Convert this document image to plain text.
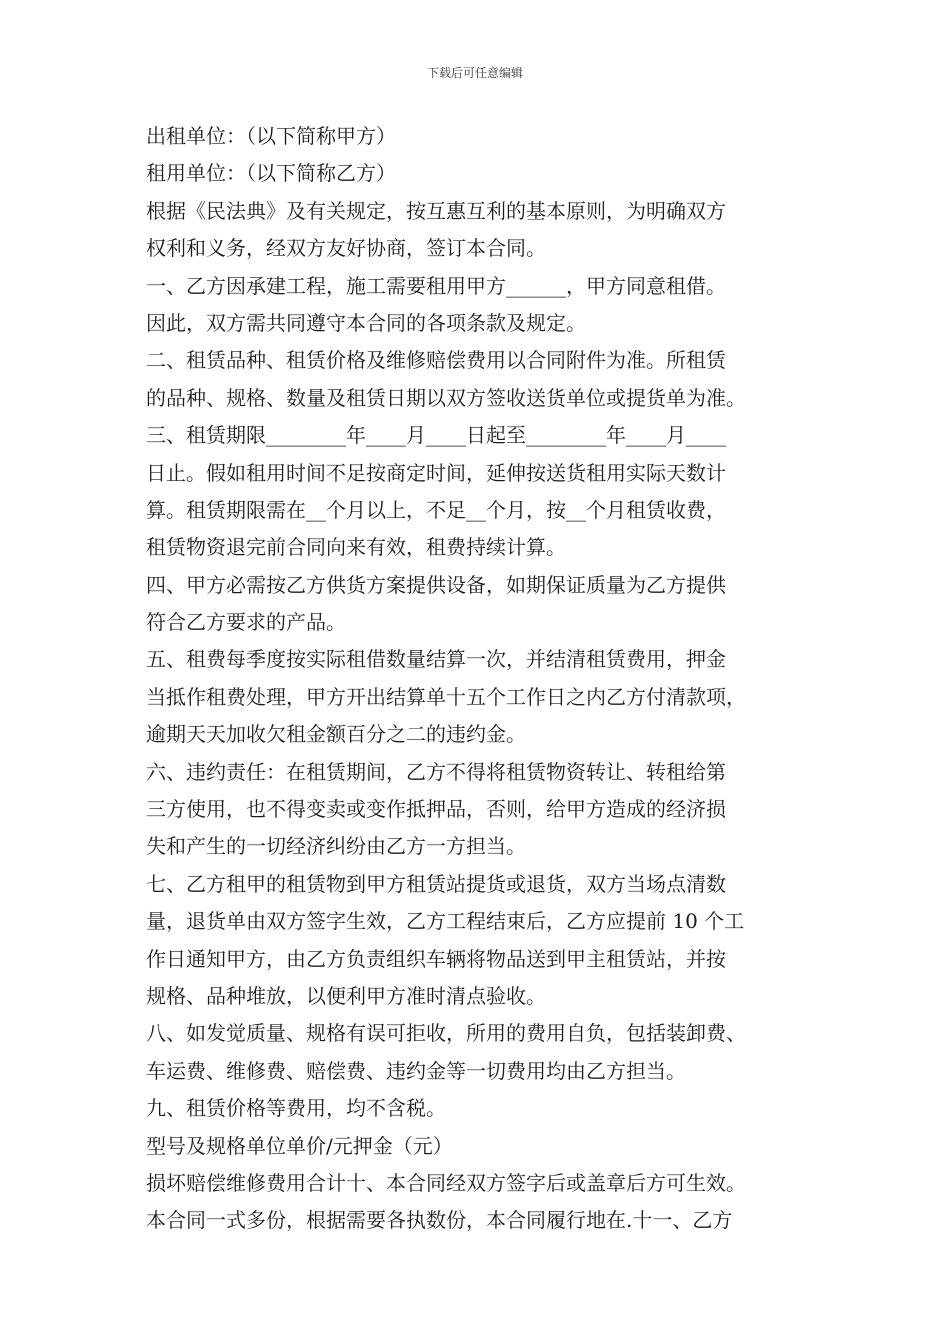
下载后可任意编辑
出租单位：（以下简称甲方）
租用单位：（以下简称乙方）
根据《民法典》及有关规定，按互惠互利的基本原则，为明确双方
权利和义务，经双方友好协商，签订本合同。
一、乙方因承建工程，施工需要租用甲方______，甲方同意租借。
因此，双方需共同遵守本合同的各项条款及规定。
二、租赁品种、租赁价格及维修赔偿费用以合同附件为准。所租赁
的品种、规格、数量及租赁日期以双方签收送货单位或提货单为准。
三、租赁期限________年____月____日起至________年____月____
日止。假如租用时间不足按商定时间，延伸按送货租用实际天数计
算。租赁期限需在__个月以上，不足__个月，按__个月租赁收费，
租赁物资退完前合同向来有效，租费持续计算。
四、甲方必需按乙方供货方案提供设备，如期保证质量为乙方提供
符合乙方要求的产品。
五、租费每季度按实际租借数量结算一次，并结清租赁费用，押金
当抵作租费处理，甲方开出结算单十五个工作日之内乙方付清款项，
逾期天天加收欠租金额百分之二的违约金。
六、违约责任：在租赁期间，乙方不得将租赁物资转让、转租给第
三方使用，也不得变卖或变作抵押品，否则，给甲方造成的经济损
失和产生的一切经济纠纷由乙方一方担当。
七、乙方租甲的租赁物到甲方租赁站提货或退货，双方当场点清数
量，退货单由双方签字生效，乙方工程结束后，乙方应提前 10 个工
作日通知甲方，由乙方负责组织车辆将物品送到甲主租赁站，并按
规格、品种堆放，以便利甲方准时清点验收。
八、如发觉质量、规格有误可拒收，所用的费用自负，包括装卸费、
车运费、维修费、赔偿费、违约金等一切费用均由乙方担当。
九、租赁价格等费用，均不含税。
型号及规格单位单价/元押金（元）
损坏赔偿维修费用合计十、本合同经双方签字后或盖章后方可生效。
本合同一式多份，根据需要各执数份，本合同履行地在.十一、乙方
